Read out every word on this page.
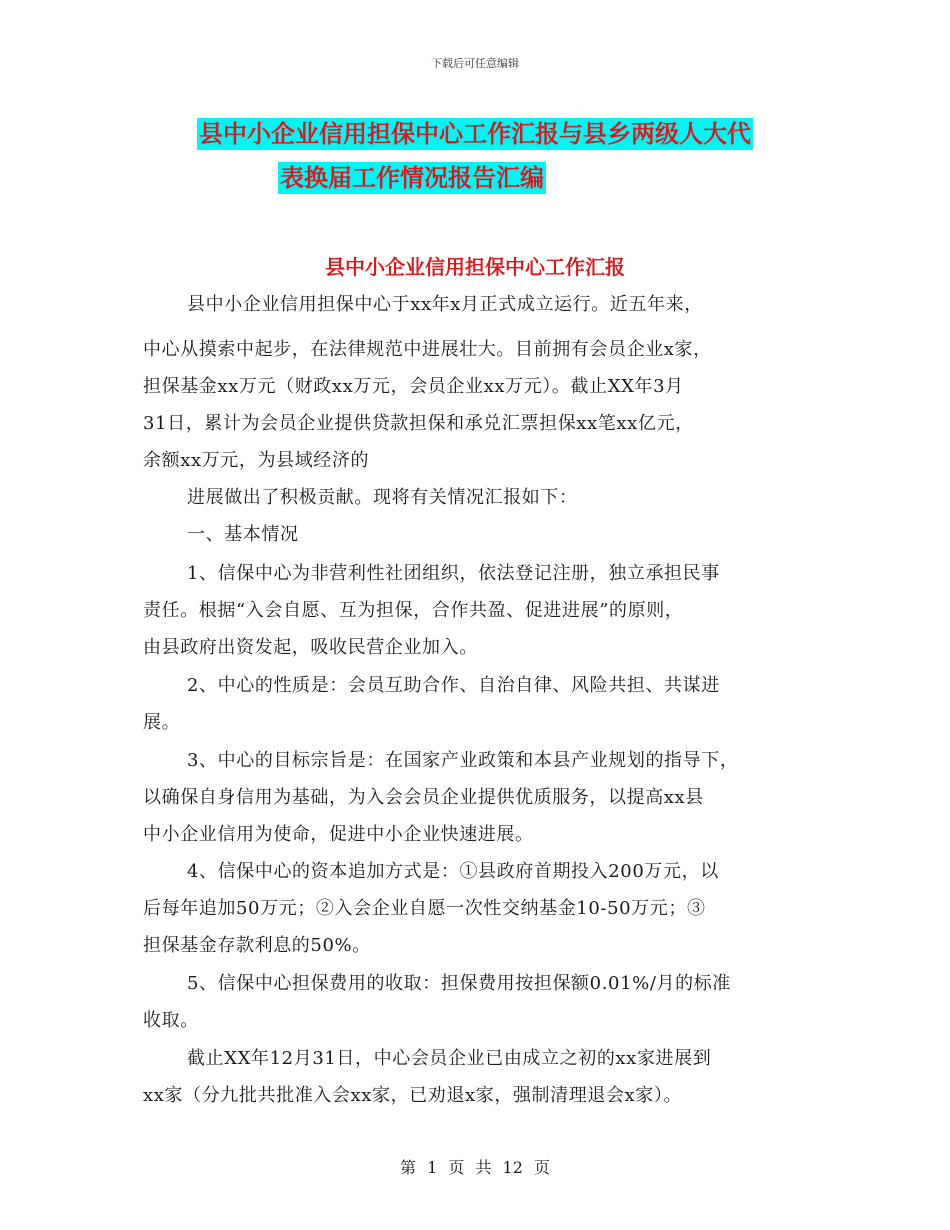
下载后可任意编辑
县中小企业信用担保中心工作汇报与县乡两级人大代
表换届工作情况报告汇编
县中小企业信用担保中心工作汇报
县中小企业信用担保中心于xx年x月正式成立运行。近五年来，
中心从摸索中起步，在法律规范中进展壮大。目前拥有会员企业x家，
担保基金xx万元（财政xx万元，会员企业xx万元）。截止XX年3月
31日，累计为会员企业提供贷款担保和承兑汇票担保xx笔xx亿元，
余额xx万元，为县域经济的
进展做出了积极贡献。现将有关情况汇报如下：
一、基本情况
1、信保中心为非营利性社团组织，依法登记注册，独立承担民事
责任。根据“入会自愿、互为担保，合作共盈、促进进展”的原则，
由县政府出资发起，吸收民营企业加入。
2、中心的性质是：会员互助合作、自治自律、风险共担、共谋进
展。
3、中心的目标宗旨是：在国家产业政策和本县产业规划的指导下，
以确保自身信用为基础，为入会会员企业提供优质服务，以提高xx县
中小企业信用为使命，促进中小企业快速进展。
4、信保中心的资本追加方式是：①县政府首期投入200万元，以
后每年追加50万元；②入会企业自愿一次性交纳基金10-50万元；③
担保基金存款利息的50%。
5、信保中心担保费用的收取：担保费用按担保额0.01%/月的标准
收取。
截止XX年12月31日，中心会员企业已由成立之初的xx家进展到
xx家（分九批共批准入会xx家，已劝退x家，强制清理退会x家）。
第 1 页 共 12 页
